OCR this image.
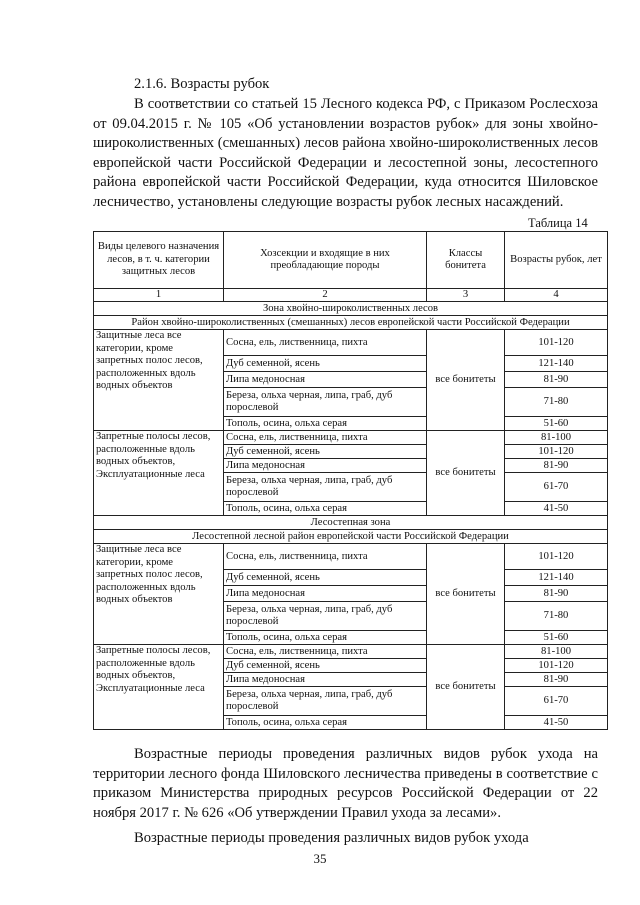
2.1.6. Возрасты рубок

В соответствии со статьей 15 Лесного кодекса РФ, с Приказом Рослесхоза от 09.04.2015 г. № 105 «Об установлении возрастов рубок» для зоны хвойно-широколиственных (смешанных) лесов района хвойно-широколиственных лесов европейской части Российской Федерации и лесостепной зоны, лесостепного района европейской части Российской Федерации, куда относится Шиловское лесничество, установлены следующие возрасты рубок лесных насаждений.

Таблица 14
Виды целевого назначения лесов, в т. ч. категории защитных лесов	Хозсекции и входящие в них преобладающие породы	Классы бонитета	Возрасты рубок, лет
1	2	3	4
Зона хвойно-широколиственных лесов			
Район хвойно-широколиственных (смешанных) лесов европейской части Российской Федерации			
Защитные леса все категории, кроме запретных полос лесов, расположенных вдоль водных объектов	Сосна, ель, лиственница, пихта	все бонитеты	101-120
	Дуб семенной, ясень		121-140
	Липа медоносная		81-90
	Береза, ольха черная, липа, граб, дуб порослевой		71-80
	Тополь, осина, ольха серая		51-60
Запретные полосы лесов, расположенные вдоль водных объектов, Эксплуатационные леса	Сосна, ель, лиственница, пихта	все бонитеты	81-100
	Дуб семенной, ясень		101-120
	Липа медоносная		81-90
	Береза, ольха черная, липа, граб, дуб порослевой		61-70
	Тополь, осина, ольха серая		41-50
Лесостепная зона			
Лесостепной лесной район европейской части Российской Федерации			
Защитные леса все категории, кроме запретных полос лесов, расположенных вдоль водных объектов	Сосна, ель, лиственница, пихта	все бонитеты	101-120
	Дуб семенной, ясень		121-140
	Липа медоносная		81-90
	Береза, ольха черная, липа, граб, дуб порослевой		71-80
	Тополь, осина, ольха серая		51-60
Запретные полосы лесов, расположенные вдоль водных объектов, Эксплуатационные леса	Сосна, ель, лиственница, пихта	все бонитеты	81-100
	Дуб семенной, ясень		101-120
	Липа медоносная		81-90
	Береза, ольха черная, липа, граб, дуб порослевой		61-70
	Тополь, осина, ольха серая		41-50

Возрастные периоды проведения различных видов рубок ухода на территории лесного фонда Шиловского лесничества приведены в соответствие с приказом Министерства природных ресурсов Российской Федерации от 22 ноября 2017 г. № 626 «Об утверждении Правил ухода за лесами».

Возрастные периоды проведения различных видов рубок ухода

35
